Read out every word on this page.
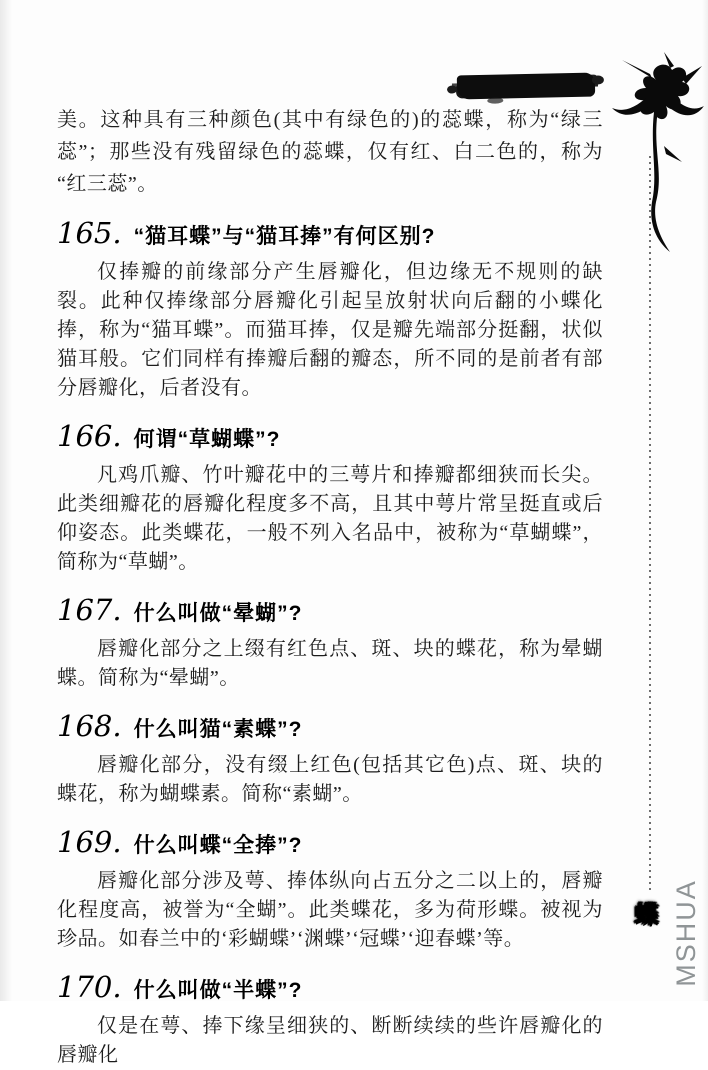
美。这种具有三种颜色(其中有绿色的)的蕊蝶，称为“绿三蕊”；那些没有残留绿色的蕊蝶，仅有红、白二色的，称为“红三蕊”。

165. “猫耳蝶”与“猫耳捧”有何区别?

仅捧瓣的前缘部分产生唇瓣化，但边缘无不规则的缺裂。此种仅捧缘部分唇瓣化引起呈放射状向后翻的小蝶化捧，称为“猫耳蝶”。而猫耳捧，仅是瓣先端部分挺翻，状似猫耳般。它们同样有捧瓣后翻的瓣态，所不同的是前者有部分唇瓣化，后者没有。

166. 何谓“草蝴蝶”?

凡鸡爪瓣、竹叶瓣花中的三萼片和捧瓣都细狭而长尖。此类细瓣花的唇瓣化程度多不高，且其中萼片常呈挺直或后仰姿态。此类蝶花，一般不列入名品中，被称为“草蝴蝶”，简称为“草蝴”。

167. 什么叫做“晕蝴”?

唇瓣化部分之上缀有红色点、斑、块的蝶花，称为晕蝴蝶。简称为“晕蝴”。

168. 什么叫猫“素蝶”?

唇瓣化部分，没有缀上红色(包括其它色)点、斑、块的蝶花，称为蝴蝶素。简称“素蝴”。

169. 什么叫蝶“全捧”?

唇瓣化部分涉及萼、捧体纵向占五分之二以上的，唇瓣化程度高，被誉为“全蝴”。此类蝶花，多为荷形蝶。被视为珍品。如春兰中的‘彩蝴蝶’‘渊蝶’‘冠蝶’‘迎春蝶’等。

170. 什么叫做“半蝶”?

仅是在萼、捧下缘呈细狭的、断断续续的些许唇瓣化的唇瓣化

蝶 MSHUA
